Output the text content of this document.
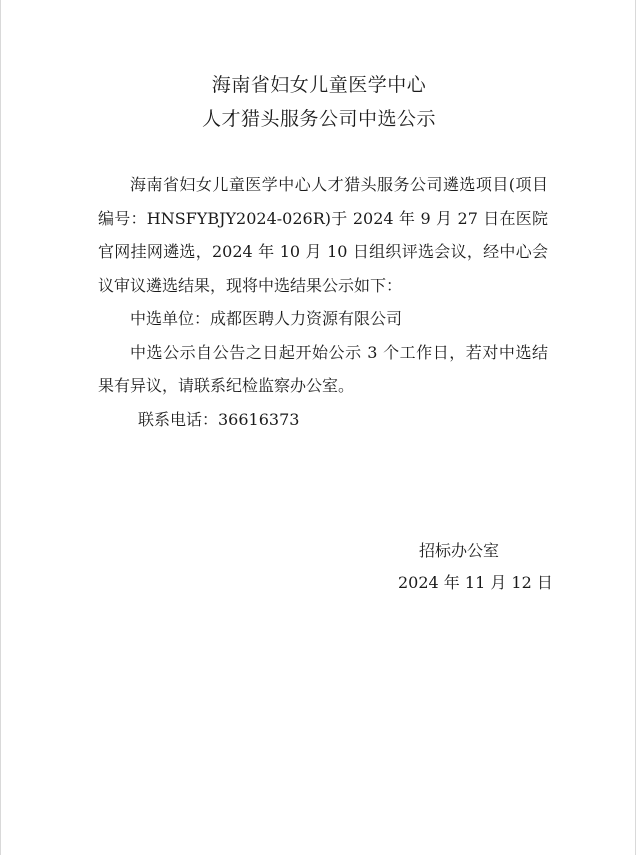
海南省妇女儿童医学中心
人才猎头服务公司中选公示

海南省妇女儿童医学中心人才猎头服务公司遴选项目(项目编号：HNSFYBJY2024-026R)于 2024 年 9 月 27 日在医院官网挂网遴选，2024 年 10 月 10 日组织评选会议，经中心会议审议遴选结果，现将中选结果公示如下：

中选单位：成都医聘人力资源有限公司

中选公示自公告之日起开始公示 3 个工作日，若对中选结果有异议，请联系纪检监察办公室。

联系电话：36616373

招标办公室
2024 年 11 月 12 日
